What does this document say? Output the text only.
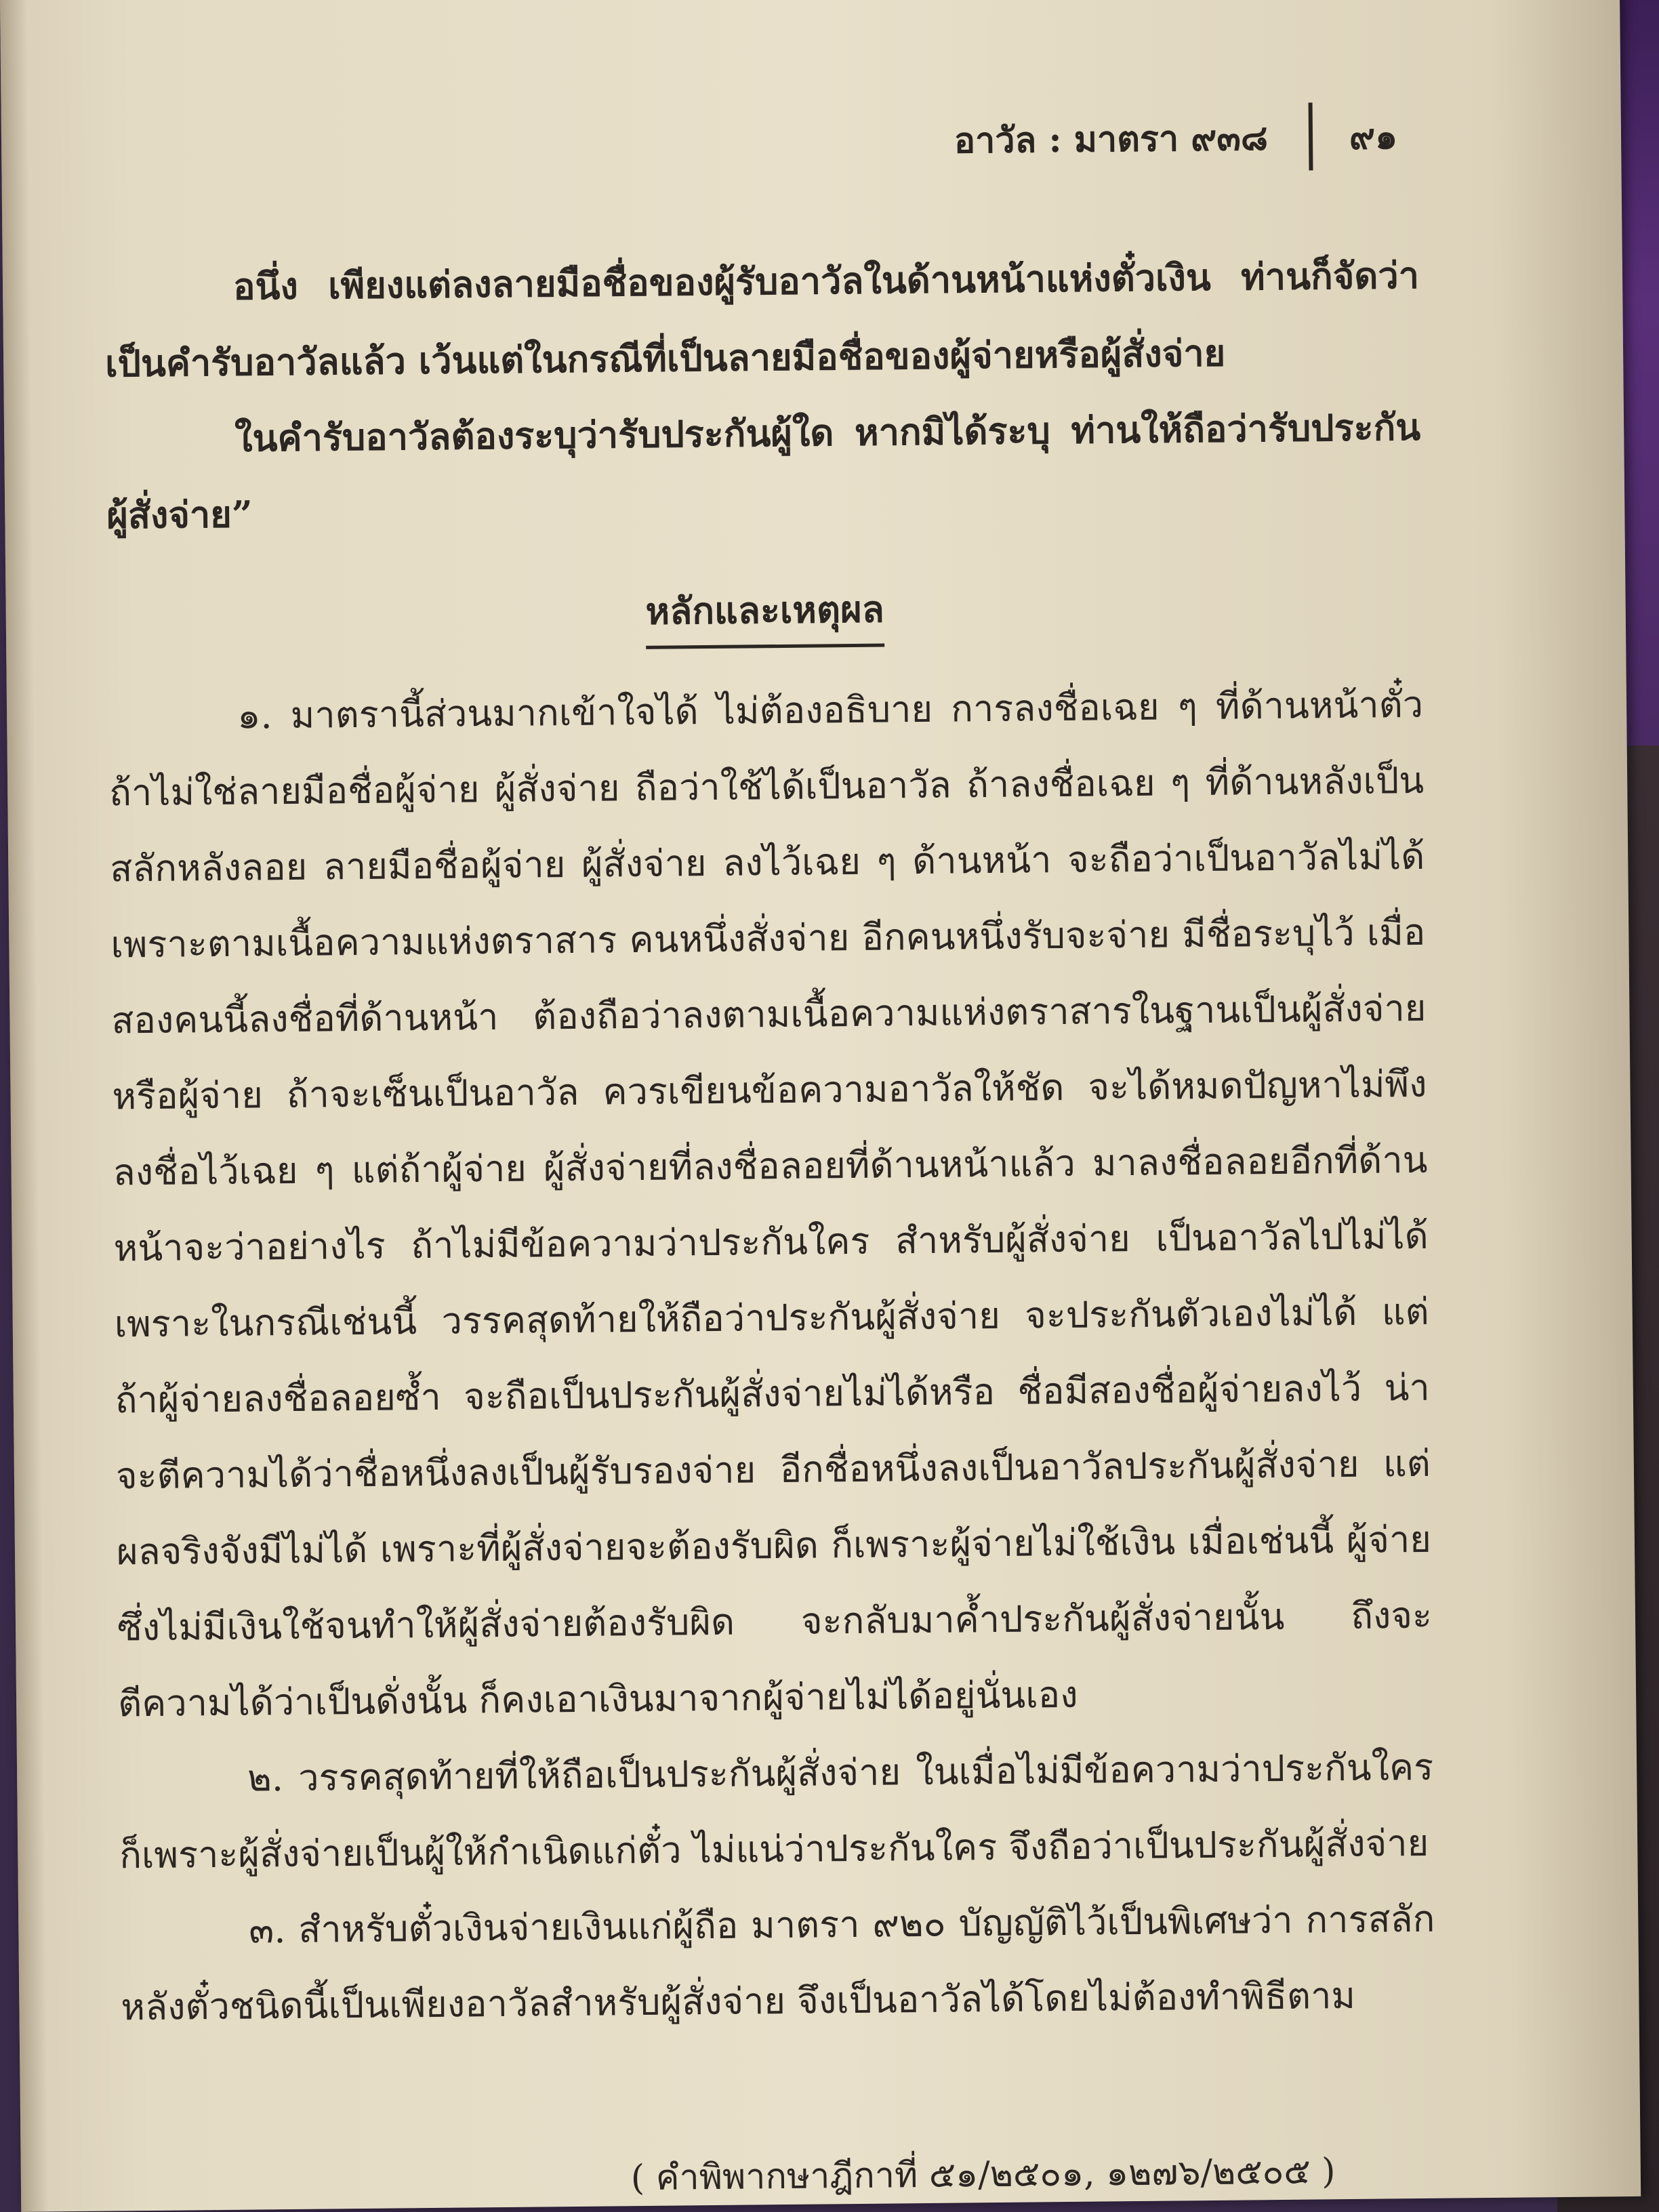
อาวัล : มาตรา ๙๓๘ ๙๑

อนึ่ง เพียงแต่ลงลายมือชื่อของผู้รับอาวัลในด้านหน้าแห่งตั๋วเงิน ท่านก็จัดว่าเป็นคำรับอาวัลแล้ว เว้นแต่ในกรณีที่เป็นลายมือชื่อของผู้จ่ายหรือผู้สั่งจ่าย

ในคำรับอาวัลต้องระบุว่ารับประกันผู้ใด หากมิได้ระบุ ท่านให้ถือว่ารับประกันผู้สั่งจ่าย”

หลักและเหตุผล

๑. มาตรานี้ส่วนมากเข้าใจได้ ไม่ต้องอธิบาย การลงชื่อเฉย ๆ ที่ด้านหน้าตั๋ว ถ้าไม่ใช่ลายมือชื่อผู้จ่าย ผู้สั่งจ่าย ถือว่าใช้ได้เป็นอาวัล ถ้าลงชื่อเฉย ๆ ที่ด้านหลังเป็นสลักหลังลอย ลายมือชื่อผู้จ่าย ผู้สั่งจ่าย ลงไว้เฉย ๆ ด้านหน้า จะถือว่าเป็นอาวัลไม่ได้ เพราะตามเนื้อความแห่งตราสาร คนหนึ่งสั่งจ่าย อีกคนหนึ่งรับจะจ่าย มีชื่อระบุไว้ เมื่อสองคนนี้ลงชื่อที่ด้านหน้า ต้องถือว่าลงตามเนื้อความแห่งตราสารในฐานเป็นผู้สั่งจ่ายหรือผู้จ่าย ถ้าจะเซ็นเป็นอาวัล ควรเขียนข้อความอาวัลให้ชัด จะได้หมดปัญหาไม่พึงลงชื่อไว้เฉย ๆ แต่ถ้าผู้จ่าย ผู้สั่งจ่ายที่ลงชื่อลอยที่ด้านหน้าแล้ว มาลงชื่อลอยอีกที่ด้านหน้าจะว่าอย่างไร ถ้าไม่มีข้อความว่าประกันใคร สำหรับผู้สั่งจ่าย เป็นอาวัลไปไม่ได้ เพราะในกรณีเช่นนี้ วรรคสุดท้ายให้ถือว่าประกันผู้สั่งจ่าย จะประกันตัวเองไม่ได้ แต่ถ้าผู้จ่ายลงชื่อลอยซ้ำ จะถือเป็นประกันผู้สั่งจ่ายไม่ได้หรือ ชื่อมีสองชื่อผู้จ่ายลงไว้ น่าจะตีความได้ว่าชื่อหนึ่งลงเป็นผู้รับรองจ่าย อีกชื่อหนึ่งลงเป็นอาวัลประกันผู้สั่งจ่าย แต่ผลจริงจังมีไม่ได้ เพราะที่ผู้สั่งจ่ายจะต้องรับผิด ก็เพราะผู้จ่ายไม่ใช้เงิน เมื่อเช่นนี้ ผู้จ่ายซึ่งไม่มีเงินใช้จนทำให้ผู้สั่งจ่ายต้องรับผิด จะกลับมาค้ำประกันผู้สั่งจ่ายนั้น ถึงจะตีความได้ว่าเป็นดั่งนั้น ก็คงเอาเงินมาจากผู้จ่ายไม่ได้อยู่นั่นเอง

๒. วรรคสุดท้ายที่ให้ถือเป็นประกันผู้สั่งจ่าย ในเมื่อไม่มีข้อความว่าประกันใคร ก็เพราะผู้สั่งจ่ายเป็นผู้ให้กำเนิดแก่ตั๋ว ไม่แน่ว่าประกันใคร จึงถือว่าเป็นประกันผู้สั่งจ่าย

๓. สำหรับตั๋วเงินจ่ายเงินแก่ผู้ถือ มาตรา ๙๒๐ บัญญัติไว้เป็นพิเศษว่า การสลักหลังตั๋วชนิดนี้เป็นเพียงอาวัลสำหรับผู้สั่งจ่าย จึงเป็นอาวัลได้โดยไม่ต้องทำพิธีตาม

( คำพิพากษาฎีกาที่ ๕๑/๒๕๐๑, ๑๒๗๖/๒๕๐๕ )
